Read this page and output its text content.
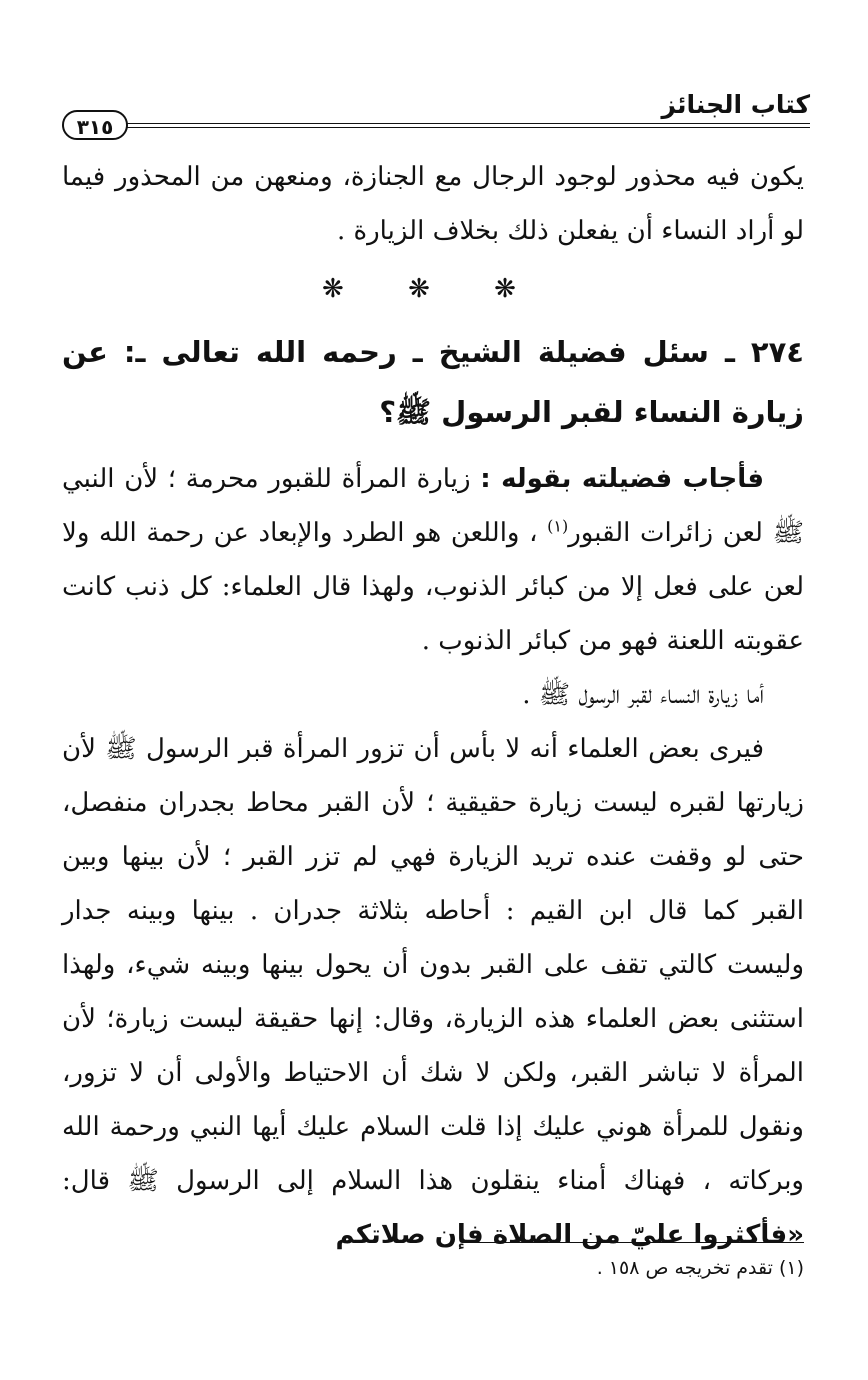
كتاب الجنائز
٣١٥

يكون فيه محذور لوجود الرجال مع الجنازة، ومنعهن من المحذور فيما لو أراد النساء أن يفعلن ذلك بخلاف الزيارة .

❋ ❋ ❋

٢٧٤ ـ سئل فضيلة الشيخ ـ رحمه الله تعالى ـ: عن زيارة النساء لقبر الرسول ﷺ؟

فأجاب فضيلته بقوله : زيارة المرأة للقبور محرمة ؛ لأن النبي ﷺ لعن زائرات القبور$^{(١)}$ ، واللعن هو الطرد والإبعاد عن رحمة الله ولا لعن على فعل إلا من كبائر الذنوب، ولهذا قال العلماء: كل ذنب كانت عقوبته اللعنة فهو من كبائر الذنوب .

أما زيارة النساء لقبر الرسول ﷺ .

فيرى بعض العلماء أنه لا بأس أن تزور المرأة قبر الرسول ﷺ لأن زيارتها لقبره ليست زيارة حقيقية ؛ لأن القبر محاط بجدران منفصل، حتى لو وقفت عنده تريد الزيارة فهي لم تزر القبر ؛ لأن بينها وبين القبر كما قال ابن القيم : أحاطه بثلاثة جدران . بينها وبينه جدار وليست كالتي تقف على القبر بدون أن يحول بينها وبينه شيء، ولهذا استثنى بعض العلماء هذه الزيارة، وقال: إنها حقيقة ليست زيارة؛ لأن المرأة لا تباشر القبر، ولكن لا شك أن الاحتياط والأولى أن لا تزور، ونقول للمرأة هوني عليك إذا قلت السلام عليك أيها النبي ورحمة الله وبركاته ، فهناك أمناء ينقلون هذا السلام إلى الرسول ﷺ قال: «فأكثروا عليّ من الصلاة فإن صلاتكم

(١) تقدم تخريجه ص ١٥٨ .
